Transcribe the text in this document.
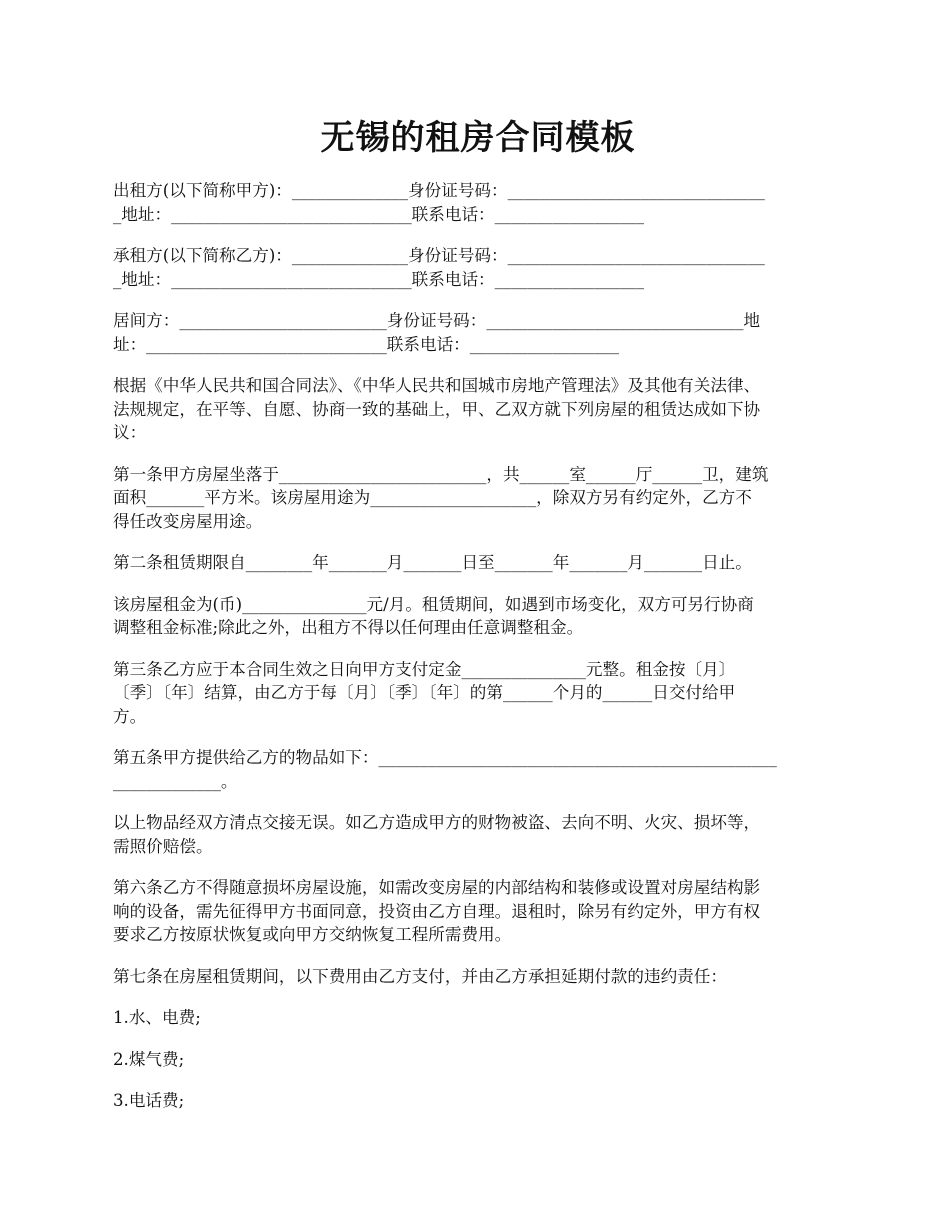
无锡的租房合同模板

出租方(以下简称甲方)：______________身份证号码：_______________________________
_地址：_____________________________联系电话：__________________

承租方(以下简称乙方)：______________身份证号码：_______________________________
_地址：_____________________________联系电话：__________________

居间方：_________________________身份证号码：_______________________________地
址：_____________________________联系电话：__________________

根据《中华人民共和国合同法》、《中华人民共和国城市房地产管理法》及其他有关法律、
法规规定，在平等、自愿、协商一致的基础上，甲、乙双方就下列房屋的租赁达成如下协
议：

第一条甲方房屋坐落于_________________________，共______室______厅______卫，建筑
面积_______平方米。该房屋用途为____________________，除双方另有约定外，乙方不
得任改变房屋用途。

第二条租赁期限自________年_______月_______日至_______年_______月_______日止。

该房屋租金为(币)_______________元/月。租赁期间，如遇到市场变化，双方可另行协商
调整租金标准;除此之外，出租方不得以任何理由任意调整租金。

第三条乙方应于本合同生效之日向甲方支付定金_______________元整。租金按〔月〕
〔季〕〔年〕结算，由乙方于每〔月〕〔季〕〔年〕的第______个月的______日交付给甲
方。

第五条甲方提供给乙方的物品如下：________________________________________________
_____________。

以上物品经双方清点交接无误。如乙方造成甲方的财物被盗、去向不明、火灾、损坏等，
需照价赔偿。

第六条乙方不得随意损坏房屋设施，如需改变房屋的内部结构和装修或设置对房屋结构影
响的设备，需先征得甲方书面同意，投资由乙方自理。退租时，除另有约定外，甲方有权
要求乙方按原状恢复或向甲方交纳恢复工程所需费用。

第七条在房屋租赁期间，以下费用由乙方支付，并由乙方承担延期付款的违约责任：

1.水、电费;

2.煤气费;

3.电话费;
